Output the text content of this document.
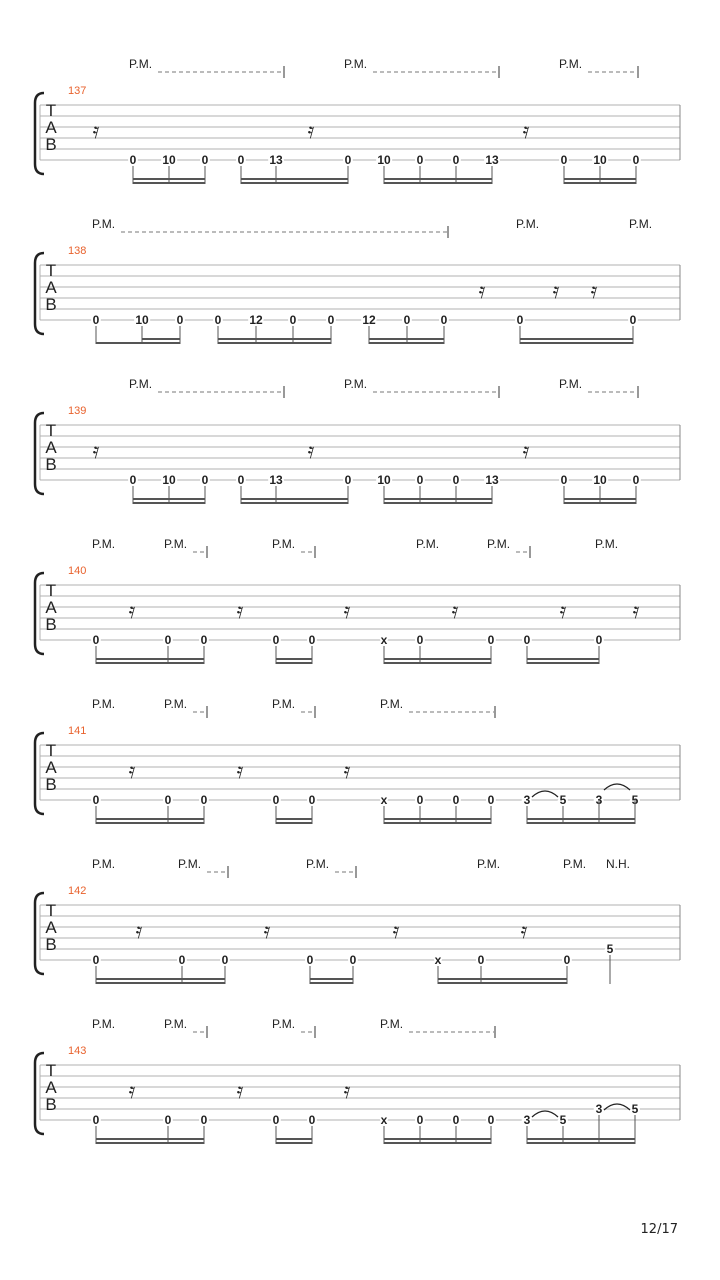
P.M.	P.M.	P.M.
137
T
A
B
𝄿	𝄿	𝄿
0 10 0 0 13	0 10 0 0 13	0 10 0
P.M.	P.M.	P.M.
138
T
A
B
𝄿	𝄿 𝄿
0	10 0	0 12 0	0 12 0	0	0	0
P.M.	P.M.	P.M.
139
T
A
B
𝄿	𝄿	𝄿
0 10 0 0 13	0 10 0 0 13	0 10 0
P.M.	P.M.	P.M.	P.M.	P.M.	P.M.
140
T
A
B
𝄿	𝄿	𝄿	𝄿	𝄿	𝄿
0	0 0	0 0	x 0	0 0	0
P.M.	P.M.	P.M.	P.M.
141
T
A
B
𝄿	𝄿	𝄿
0	0 0	0 0	x 0 0 0 3 5 3 5
P.M.	P.M.	P.M.	P.M.	P.M. N.H.
142
T
A
B
𝄿	𝄿	𝄿	𝄿
0	0	0	0	0	x	0	0
5
P.M.	P.M.	P.M.	P.M.
143
T
A
B
𝄿	𝄿	𝄿
0	0 0	0 0	x 0 0 0 3 5
3 5
12/17
